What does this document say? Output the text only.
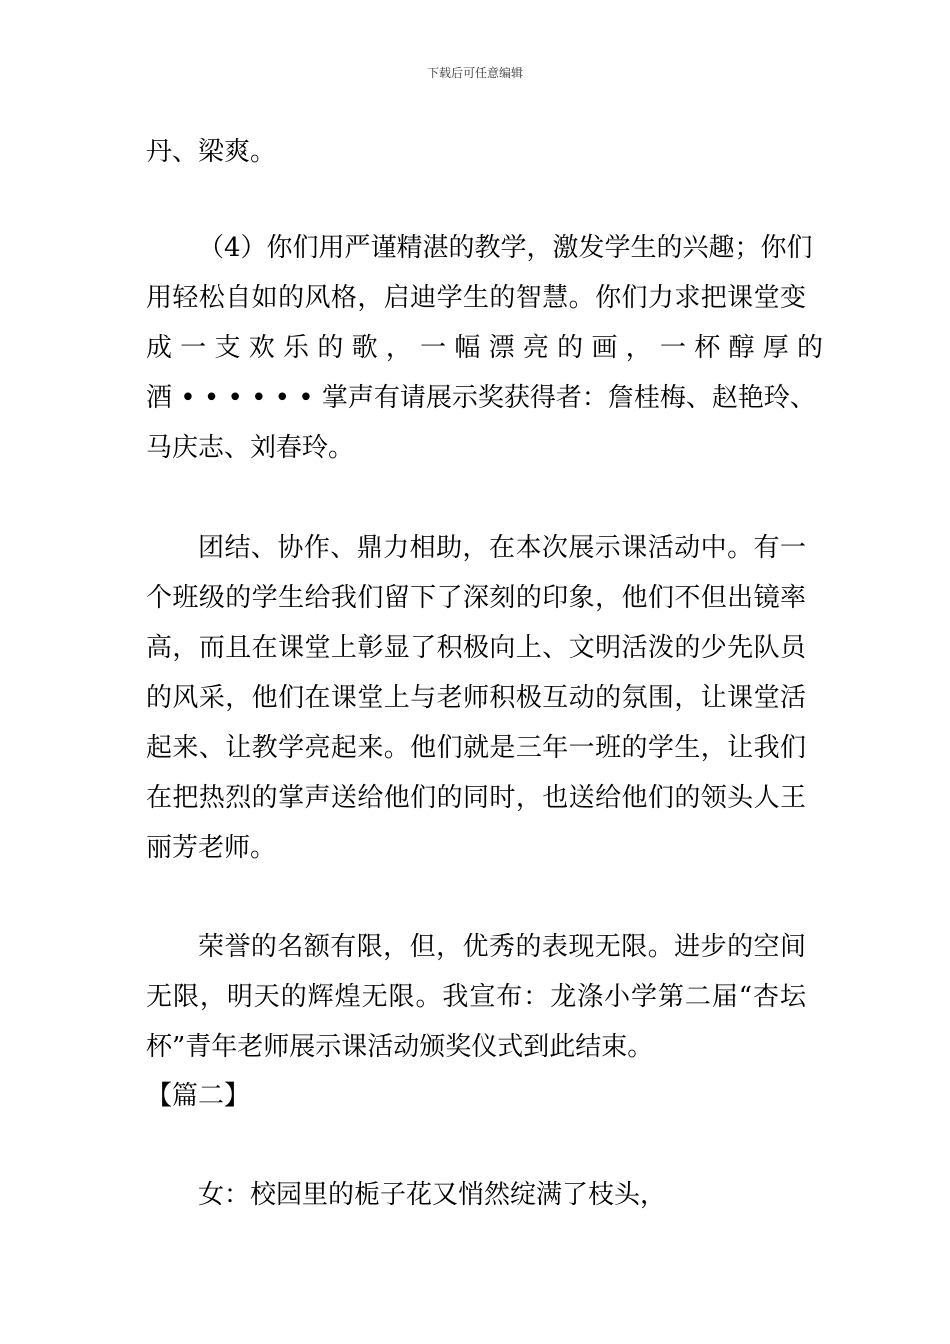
下载后可任意编辑
丹、梁爽。
（4）你们用严谨精湛的教学，激发学生的兴趣；你们
用轻松自如的风格，启迪学生的智慧。你们力求把课堂变
成 一 支 欢 乐 的 歌 ， 一 幅 漂 亮 的 画 ， 一 杯 醇 厚 的
酒 • • • • • • 掌声有请展示奖获得者：詹桂梅、赵艳玲、
马庆志、刘春玲。
团结、协作、鼎力相助，在本次展示课活动中。有一
个班级的学生给我们留下了深刻的印象，他们不但出镜率
高，而且在课堂上彰显了积极向上、文明活泼的少先队员
的风采，他们在课堂上与老师积极互动的氛围，让课堂活
起来、让教学亮起来。他们就是三年一班的学生，让我们
在把热烈的掌声送给他们的同时，也送给他们的领头人王
丽芳老师。
荣誉的名额有限，但，优秀的表现无限。进步的空间
无限，明天的辉煌无限。我宣布：龙涤小学第二届“杏坛
杯”青年老师展示课活动颁奖仪式到此结束。
【篇二】
女：校园里的栀子花又悄然绽满了枝头，
